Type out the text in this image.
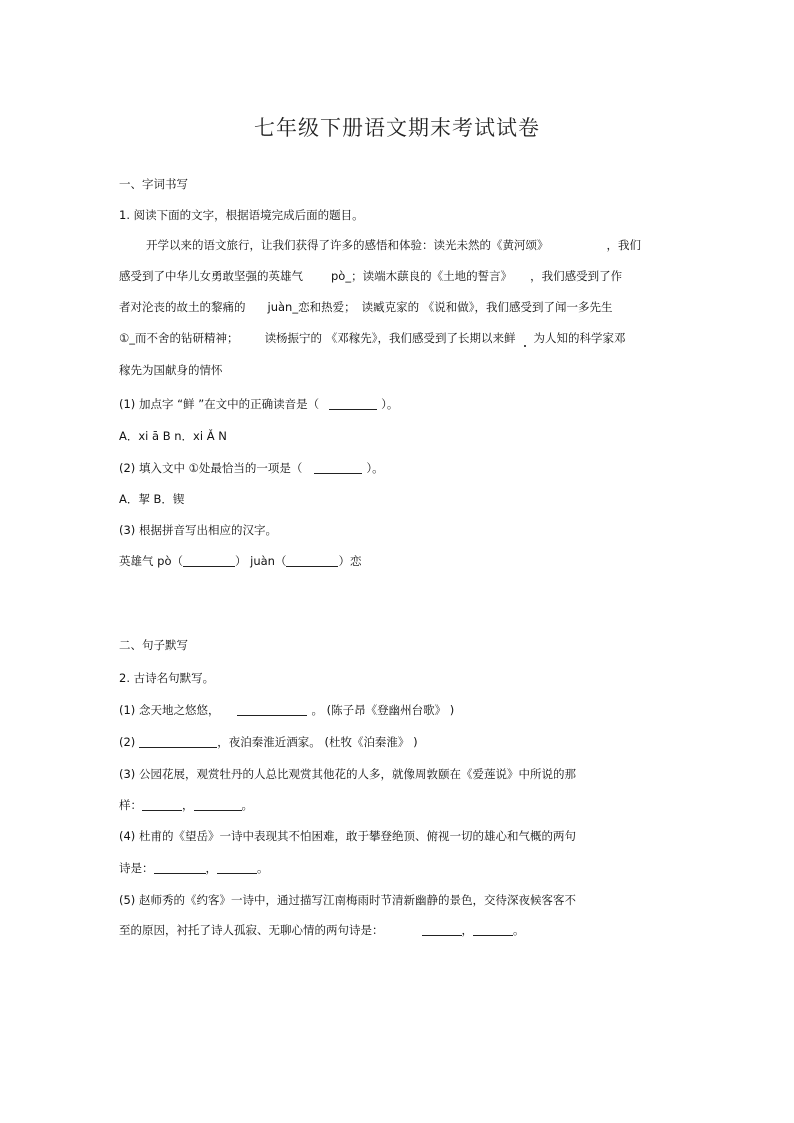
七年级下册语文期末考试试卷
一、字词书写
1. 阅读下面的文字，根据语境完成后面的题目。
开学以来的语文旅行，让我们获得了许多的感悟和体验：读光未然的《黄河颂》	，我们
感受到了中华儿女勇敢坚强的英雄气 pò_；读端木蕻良的《土地的誓言》 ，我们感受到了作
者对沦丧的故土的黎痛的 juàn_恋和热爱； 读臧克家的 《说和做》，我们感受到了闻一多先生
①_而不舍的钻研精神； 读杨振宁的 《邓稼先》，我们感受到了长期以来鲜 为人知的科学家邓
稼先为国献身的情怀
(1) 加点字 “鲜 ”在文中的正确读音是（	）。
A．xi ā B n．xi Ǎ N
(2) 填入文中 ①处最恰当的一项是（	）。
A．挈 B．锲
(3) 根据拼音写出相应的汉字。
英雄气 pò（	） juàn（	）恋
二、句子默写
2. 古诗名句默写。
(1) 念天地之悠悠，	。 (陈子昂《登幽州台歌》 )
(2)	，夜泊秦淮近酒家。 (杜牧《泊秦淮》 )
(3) 公园花展，观赏牡丹的人总比观赏其他花的人多，就像周敦颐在《爱莲说》中所说的那
样：	，	。
(4) 杜甫的《望岳》一诗中表现其不怕困难，敢于攀登绝顶、俯视一切的雄心和气概的两句
诗是：	，	。
(5) 赵师秀的《约客》一诗中，通过描写江南梅雨时节清新幽静的景色，交待深夜候客客不
至的原因，衬托了诗人孤寂、无聊心情的两句诗是：	，	。
